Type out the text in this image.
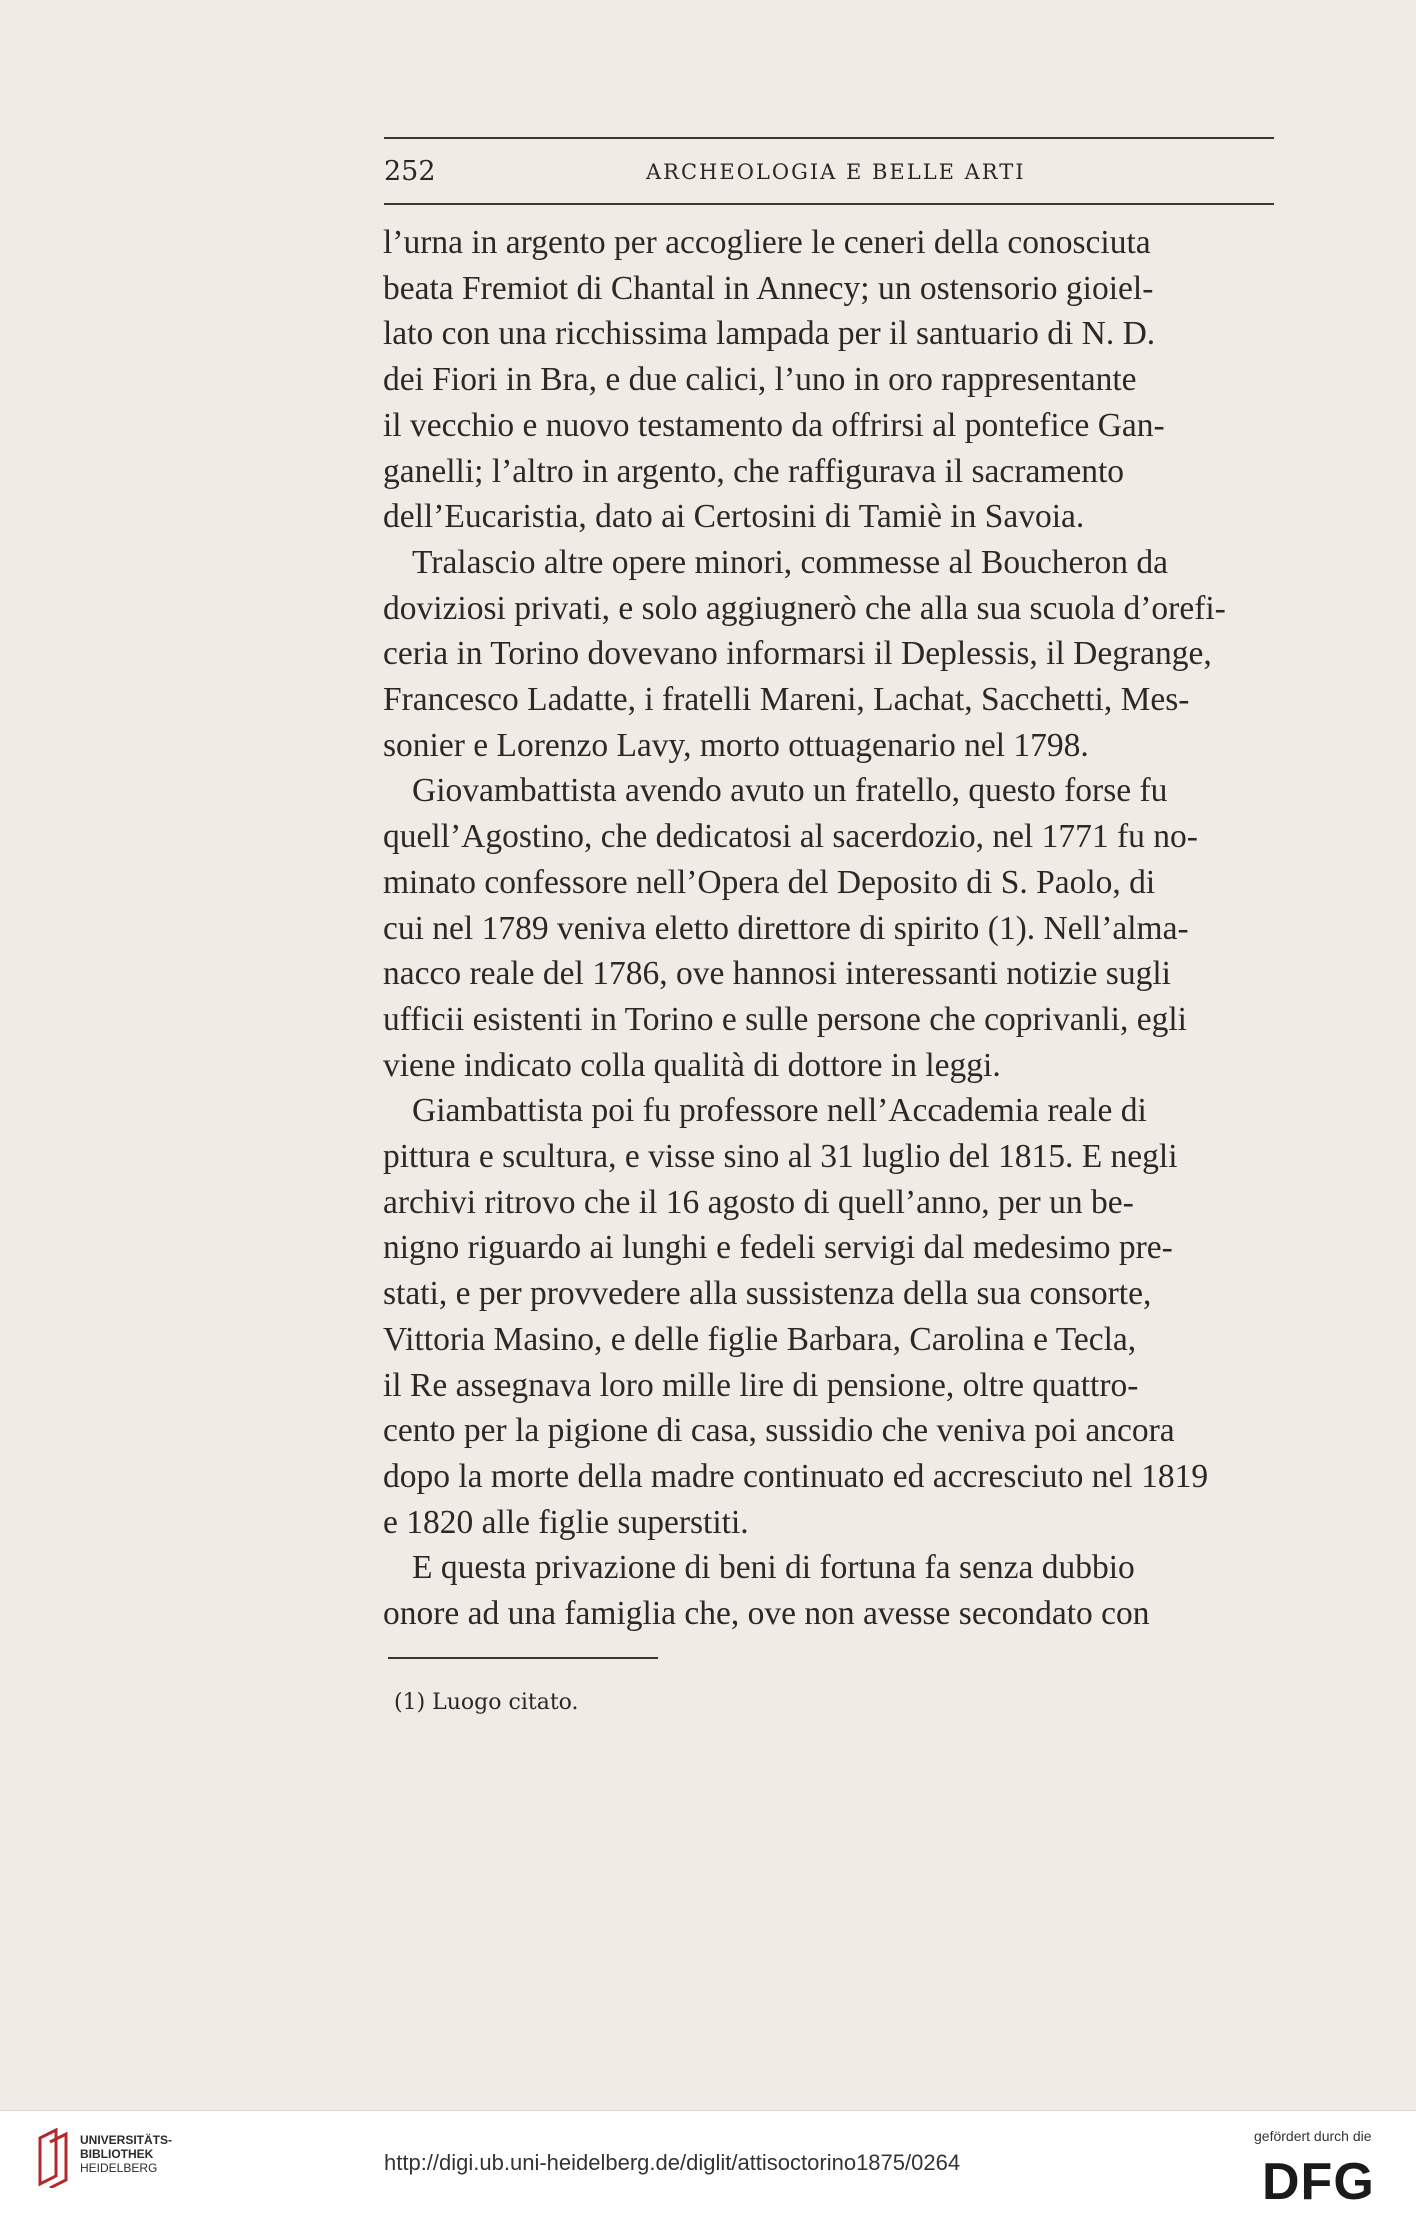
252	ARCHEOLOGIA E BELLE ARTI

l’urna in argento per accogliere le ceneri della conosciuta

beata Fremiot di Chantal in Annecy; un ostensorio gioiel-

lato con una ricchissima lampada per il santuario di N. D.

dei Fiori in Bra, e due calici, l’uno in oro rappresentante

il vecchio e nuovo testamento da offrirsi al pontefice Gan-

ganelli; l’altro in argento, che raffigurava il sacramento

dell’Eucaristia, dato ai Certosini di Tamiè in Savoia.

Tralascio altre opere minori, commesse al Boucheron da

doviziosi privati, e solo aggiugnerò che alla sua scuola d’orefi-

ceria in Torino dovevano informarsi il Deplessis, il Degrange,

Francesco Ladatte, i fratelli Mareni, Lachat, Sacchetti, Mes-

sonier e Lorenzo Lavy, morto ottuagenario nel 1798.

Giovambattista avendo avuto un fratello, questo forse fu

quell’Agostino, che dedicatosi al sacerdozio, nel 1771 fu no-

minato confessore nell’Opera del Deposito di S. Paolo, di

cui nel 1789 veniva eletto direttore di spirito (1). Nell’alma-

nacco reale del 1786, ove hannosi interessanti notizie sugli

ufficii esistenti in Torino e sulle persone che coprivanli, egli

viene indicato colla qualità di dottore in leggi.

Giambattista poi fu professore nell’Accademia reale di

pittura e scultura, e visse sino al 31 luglio del 1815. E negli

archivi ritrovo che il 16 agosto di quell’anno, per un be-

nigno riguardo ai lunghi e fedeli servigi dal medesimo pre-

stati, e per provvedere alla sussistenza della sua consorte,

Vittoria Masino, e delle figlie Barbara, Carolina e Tecla,

il Re assegnava loro mille lire di pensione, oltre quattro-

cento per la pigione di casa, sussidio che veniva poi ancora

dopo la morte della madre continuato ed accresciuto nel 1819

e 1820 alle figlie superstiti.

E questa privazione di beni di fortuna fa senza dubbio

onore ad una famiglia che, ove non avesse secondato con

(1) Luogo citato.
UNIVERSITÄTS-
BIBLIOTHEK
HEIDELBERG	http://digi.ub.uni-heidelberg.de/diglit/attisoctorino1875/0264
gefördert durch die
DFG
